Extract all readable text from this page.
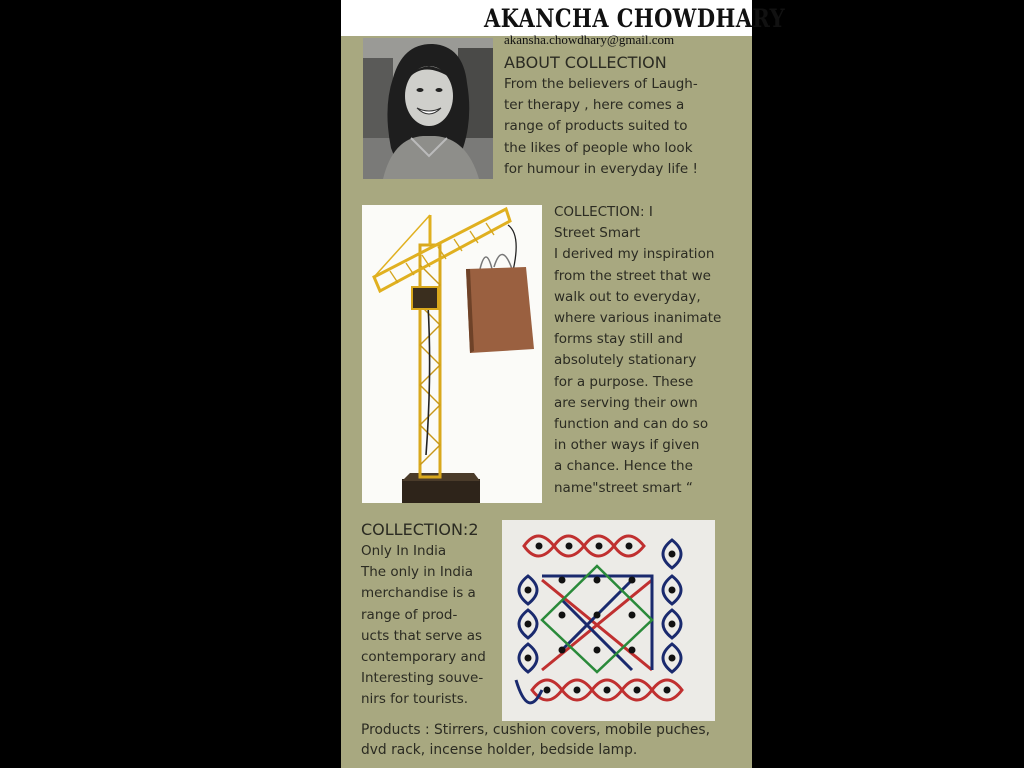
AKANCHA CHOWDHARY
akansha.chowdhary@gmail.com
ABOUT COLLECTION
From the believers of Laugh-
ter therapy , here comes a
range of products suited to
the likes of people who look
for humour in everyday life !
COLLECTION: I
Street Smart
I derived my inspiration
from the street that we
walk out to everyday,
where various inanimate
forms stay still and
absolutely stationary
for a purpose. These
are serving their own
function and can do so
in other ways if given
a chance. Hence the
name"street smart “
COLLECTION:2
Only In India
The only in India
merchandise is a
range of prod-
ucts that serve as
contemporary and
Interesting souve-
nirs for tourists.
Products : Stirrers, cushion covers, mobile puches,
dvd rack, incense holder, bedside lamp.
